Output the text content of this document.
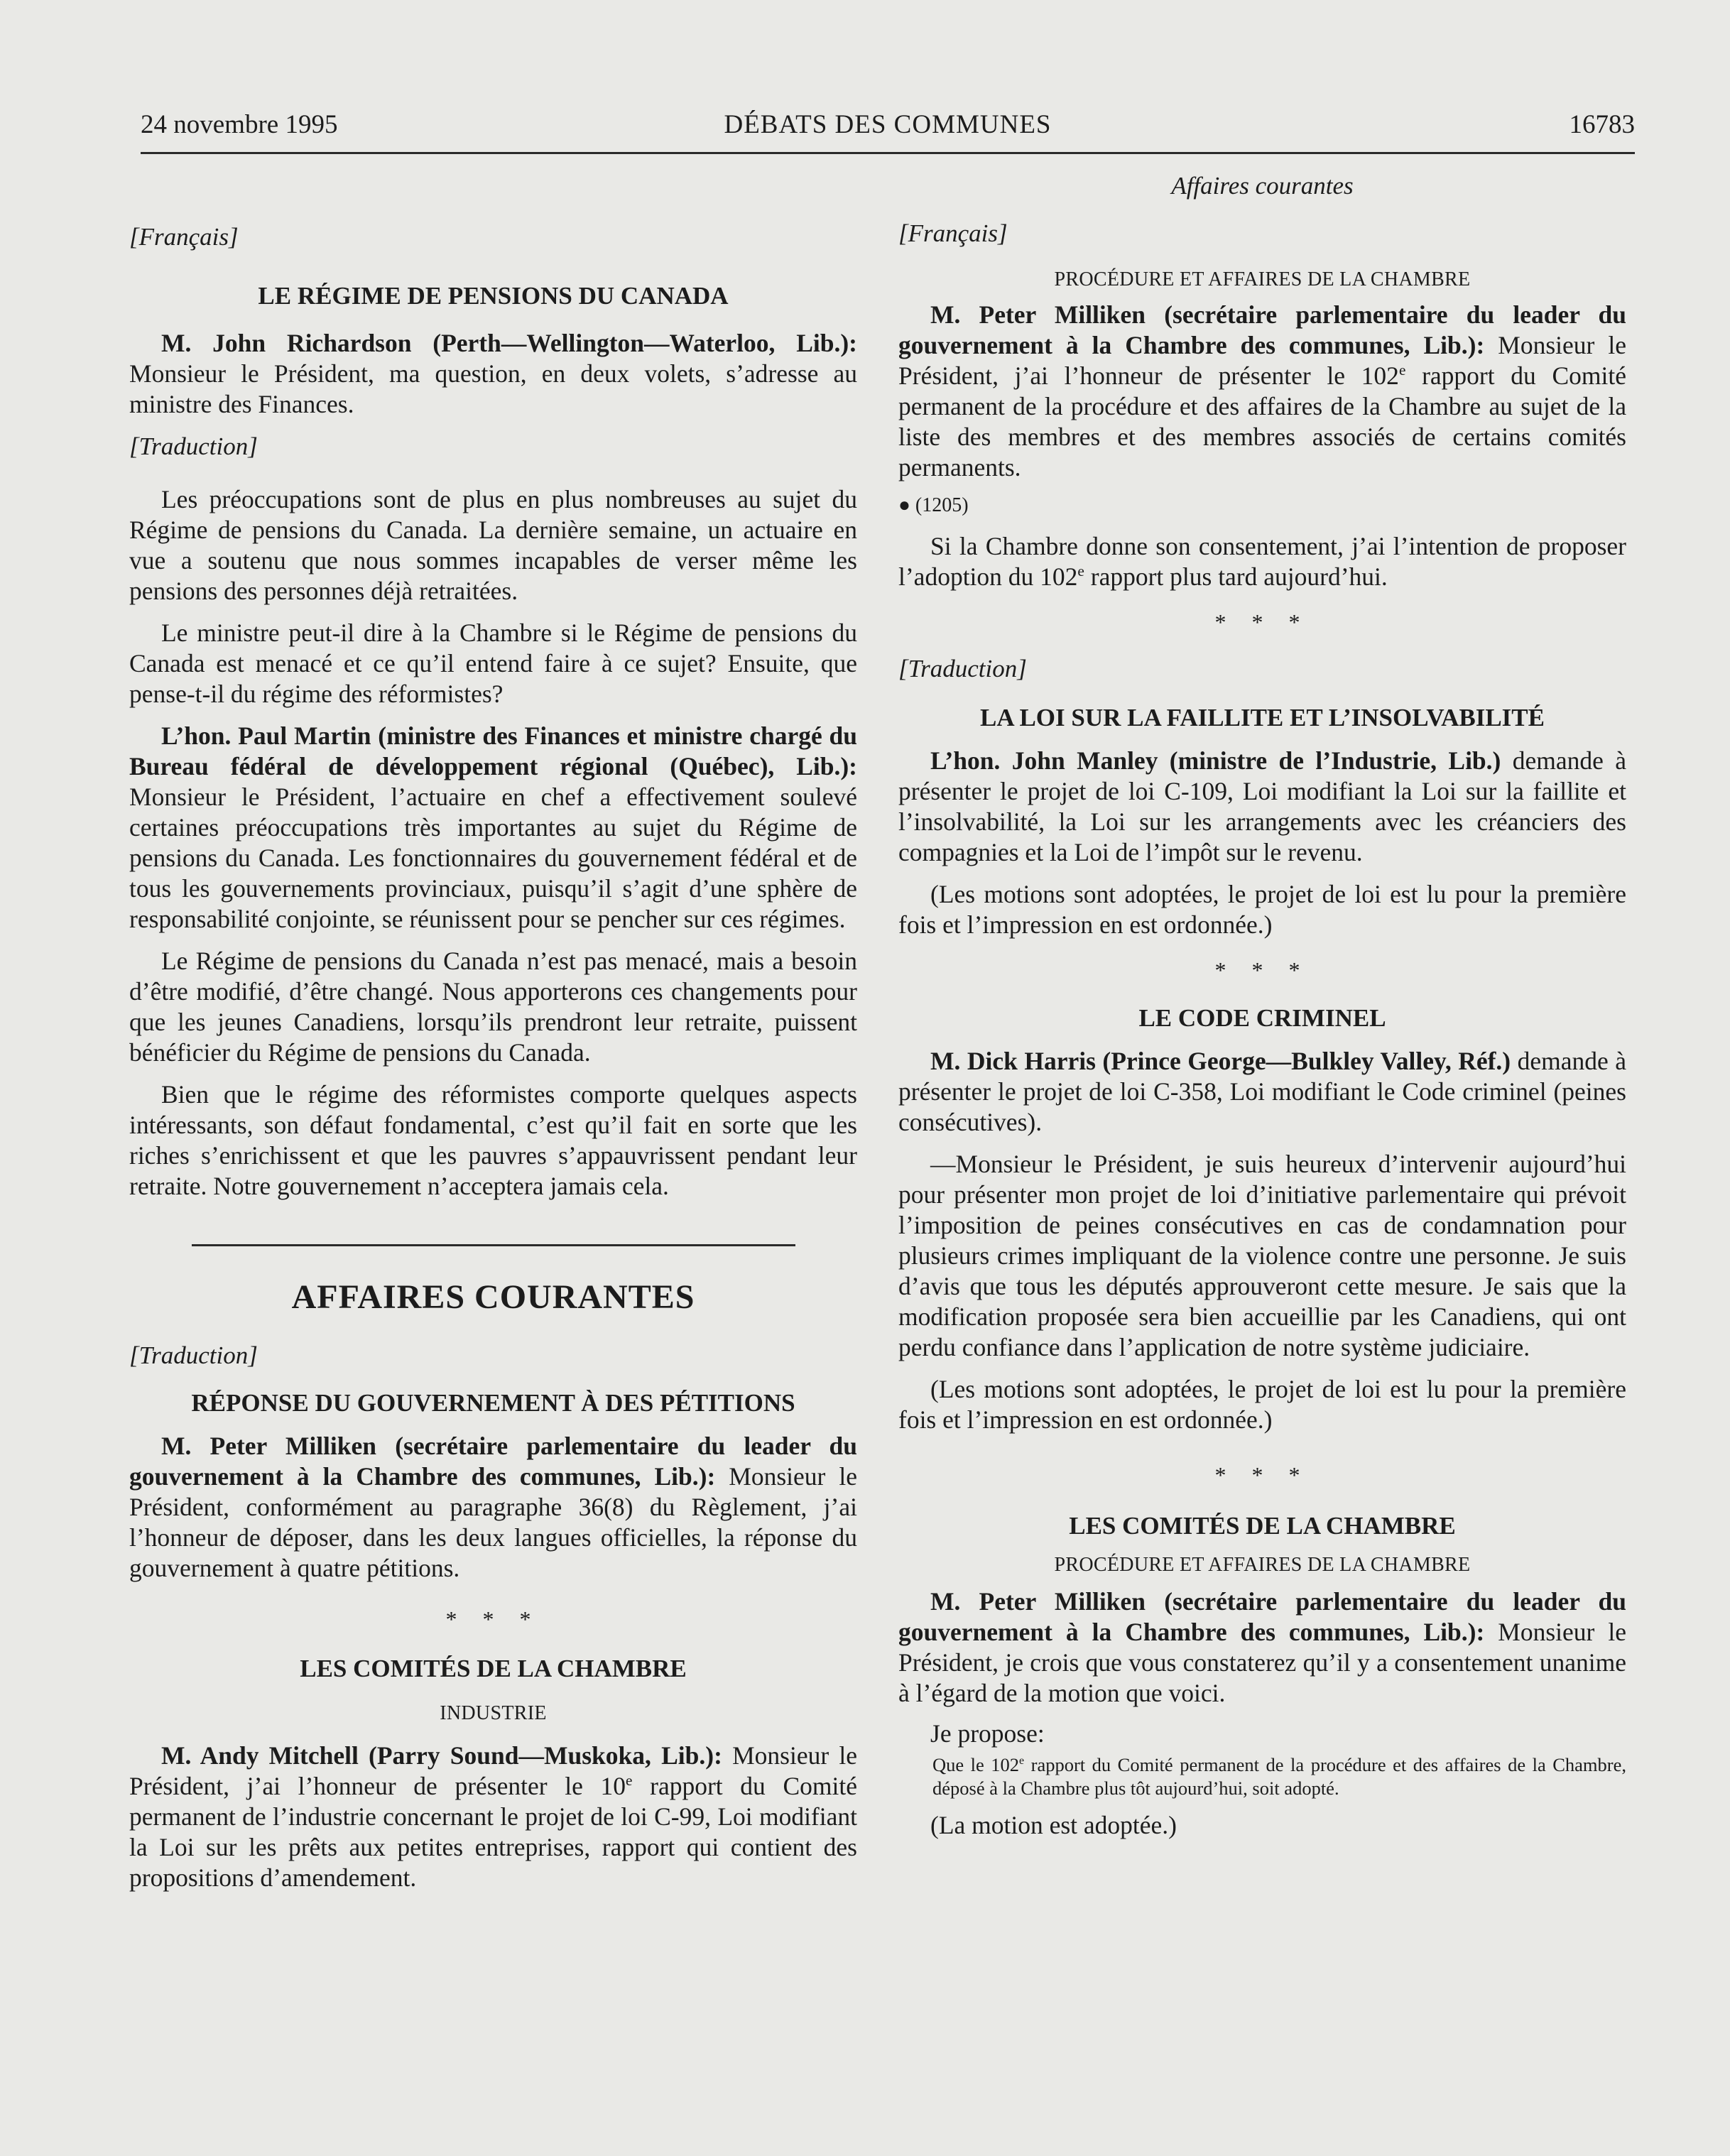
24 novembre 1995	DÉBATS DES COMMUNES	16783

[Français]

LE RÉGIME DE PENSIONS DU CANADA

M. John Richardson (Perth—Wellington—Waterloo, Lib.): Monsieur le Président, ma question, en deux volets, s’adresse au ministre des Finances.

[Traduction]

Les préoccupations sont de plus en plus nombreuses au sujet du Régime de pensions du Canada. La dernière semaine, un actuaire en vue a soutenu que nous sommes incapables de verser même les pensions des personnes déjà retraitées.

Le ministre peut-il dire à la Chambre si le Régime de pensions du Canada est menacé et ce qu’il entend faire à ce sujet? Ensuite, que pense-t-il du régime des réformistes?

L’hon. Paul Martin (ministre des Finances et ministre chargé du Bureau fédéral de développement régional (Québec), Lib.): Monsieur le Président, l’actuaire en chef a effectivement soulevé certaines préoccupations très importantes au sujet du Régime de pensions du Canada. Les fonctionnaires du gouvernement fédéral et de tous les gouvernements provinciaux, puisqu’il s’agit d’une sphère de responsabilité conjointe, se réunissent pour se pencher sur ces régimes.

Le Régime de pensions du Canada n’est pas menacé, mais a besoin d’être modifié, d’être changé. Nous apporterons ces changements pour que les jeunes Canadiens, lorsqu’ils prendront leur retraite, puissent bénéficier du Régime de pensions du Canada.

Bien que le régime des réformistes comporte quelques aspects intéressants, son défaut fondamental, c’est qu’il fait en sorte que les riches s’enrichissent et que les pauvres s’appauvrissent pendant leur retraite. Notre gouvernement n’acceptera jamais cela.

AFFAIRES COURANTES

[Traduction]

RÉPONSE DU GOUVERNEMENT À DES PÉTITIONS

M. Peter Milliken (secrétaire parlementaire du leader du gouvernement à la Chambre des communes, Lib.): Monsieur le Président, conformément au paragraphe 36(8) du Règlement, j’ai l’honneur de déposer, dans les deux langues officielles, la réponse du gouvernement à quatre pétitions.

* * *

LES COMITÉS DE LA CHAMBRE

INDUSTRIE

M. Andy Mitchell (Parry Sound—Muskoka, Lib.): Monsieur le Président, j’ai l’honneur de présenter le 10e rapport du Comité permanent de l’industrie concernant le projet de loi C-99, Loi modifiant la Loi sur les prêts aux petites entreprises, rapport qui contient des propositions d’amendement.

Affaires courantes

[Français]

PROCÉDURE ET AFFAIRES DE LA CHAMBRE

M. Peter Milliken (secrétaire parlementaire du leader du gouvernement à la Chambre des communes, Lib.): Monsieur le Président, j’ai l’honneur de présenter le 102e rapport du Comité permanent de la procédure et des affaires de la Chambre au sujet de la liste des membres et des membres associés de certains comités permanents.

● (1205)

Si la Chambre donne son consentement, j’ai l’intention de proposer l’adoption du 102e rapport plus tard aujourd’hui.

* * *

[Traduction]

LA LOI SUR LA FAILLITE ET L’INSOLVABILITÉ

L’hon. John Manley (ministre de l’Industrie, Lib.) demande à présenter le projet de loi C-109, Loi modifiant la Loi sur la faillite et l’insolvabilité, la Loi sur les arrangements avec les créanciers des compagnies et la Loi de l’impôt sur le revenu.

(Les motions sont adoptées, le projet de loi est lu pour la première fois et l’impression en est ordonnée.)

* * *

LE CODE CRIMINEL

M. Dick Harris (Prince George—Bulkley Valley, Réf.) demande à présenter le projet de loi C-358, Loi modifiant le Code criminel (peines consécutives).

—Monsieur le Président, je suis heureux d’intervenir aujourd’hui pour présenter mon projet de loi d’initiative parlementaire qui prévoit l’imposition de peines consécutives en cas de condamnation pour plusieurs crimes impliquant de la violence contre une personne. Je suis d’avis que tous les députés approuveront cette mesure. Je sais que la modification proposée sera bien accueillie par les Canadiens, qui ont perdu confiance dans l’application de notre système judiciaire.

(Les motions sont adoptées, le projet de loi est lu pour la première fois et l’impression en est ordonnée.)

* * *

LES COMITÉS DE LA CHAMBRE

PROCÉDURE ET AFFAIRES DE LA CHAMBRE

M. Peter Milliken (secrétaire parlementaire du leader du gouvernement à la Chambre des communes, Lib.): Monsieur le Président, je crois que vous constaterez qu’il y a consentement unanime à l’égard de la motion que voici.

Je propose:

Que le 102e rapport du Comité permanent de la procédure et des affaires de la Chambre, déposé à la Chambre plus tôt aujourd’hui, soit adopté.

(La motion est adoptée.)
